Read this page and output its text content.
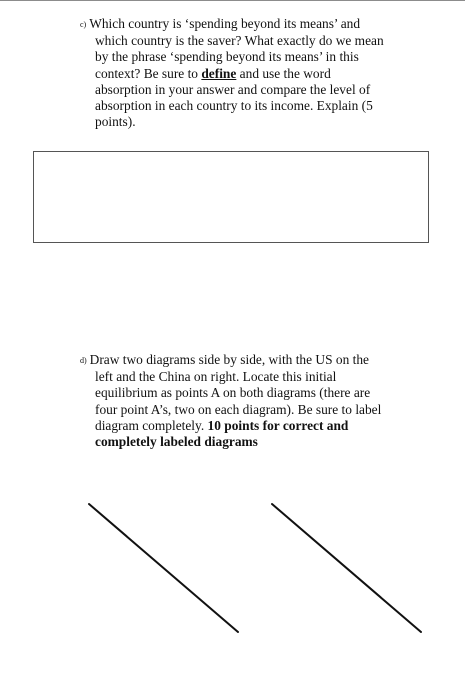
c) Which country is ‘spending beyond its means’ and
which country is the saver? What exactly do we mean
by the phrase ‘spending beyond its means’ in this
context? Be sure to define and use the word
absorption in your answer and compare the level of
absorption in each country to its income. Explain (5
points).
d) Draw two diagrams side by side, with the US on the
left and the China on right. Locate this initial
equilibrium as points A on both diagrams (there are
four point A’s, two on each diagram). Be sure to label
diagram completely. 10 points for correct and
completely labeled diagrams
